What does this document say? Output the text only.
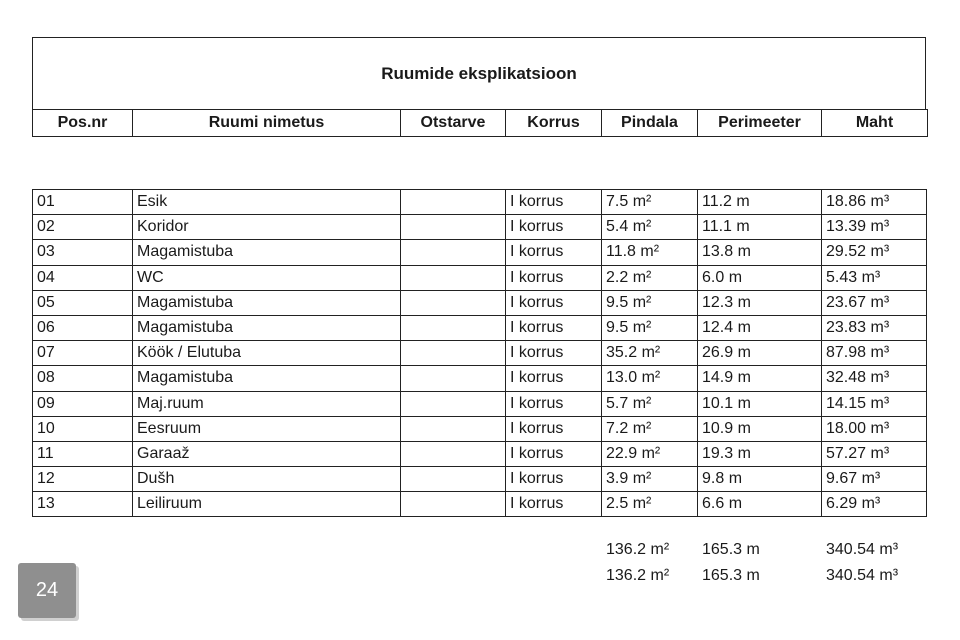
Ruumide eksplikatsioon
Pos.nr	Ruumi nimetus	Otstarve	Korrus	Pindala	Perimeeter	Maht
01	Esik		I korrus	7.5 m²	11.2 m	18.86 m³
02	Koridor		I korrus	5.4 m²	11.1 m	13.39 m³
03	Magamistuba		I korrus	11.8 m²	13.8 m	29.52 m³
04	WC		I korrus	2.2 m²	6.0 m	5.43 m³
05	Magamistuba		I korrus	9.5 m²	12.3 m	23.67 m³
06	Magamistuba		I korrus	9.5 m²	12.4 m	23.83 m³
07	Köök / Elutuba		I korrus	35.2 m²	26.9 m	87.98 m³
08	Magamistuba		I korrus	13.0 m²	14.9 m	32.48 m³
09	Maj.ruum		I korrus	5.7 m²	10.1 m	14.15 m³
10	Eesruum		I korrus	7.2 m²	10.9 m	18.00 m³
11	Garaaž		I korrus	22.9 m²	19.3 m	57.27 m³
12	Dušh		I korrus	3.9 m²	9.8 m	9.67 m³
13	Leiliruum		I korrus	2.5 m²	6.6 m	6.29 m³
136.2 m²	165.3 m	340.54 m³
136.2 m²	165.3 m	340.54 m³
24
